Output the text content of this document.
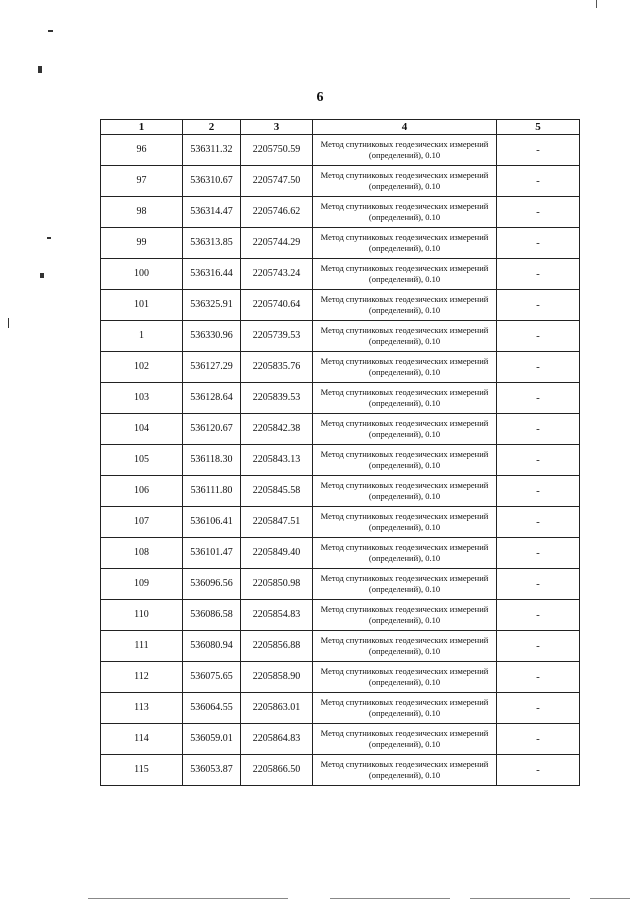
6
1	2	3	4	5
96	536311.32	2205750.59	Метод спутниковых геодезических измерений (определений), 0.10	-
97	536310.67	2205747.50	Метод спутниковых геодезических измерений (определений), 0.10	-
98	536314.47	2205746.62	Метод спутниковых геодезических измерений (определений), 0.10	-
99	536313.85	2205744.29	Метод спутниковых геодезических измерений (определений), 0.10	-
100	536316.44	2205743.24	Метод спутниковых геодезических измерений (определений), 0.10	-
101	536325.91	2205740.64	Метод спутниковых геодезических измерений (определений), 0.10	-
1	536330.96	2205739.53	Метод спутниковых геодезических измерений (определений), 0.10	-
102	536127.29	2205835.76	Метод спутниковых геодезических измерений (определений), 0.10	-
103	536128.64	2205839.53	Метод спутниковых геодезических измерений (определений), 0.10	-
104	536120.67	2205842.38	Метод спутниковых геодезических измерений (определений), 0.10	-
105	536118.30	2205843.13	Метод спутниковых геодезических измерений (определений), 0.10	-
106	536111.80	2205845.58	Метод спутниковых геодезических измерений (определений), 0.10	-
107	536106.41	2205847.51	Метод спутниковых геодезических измерений (определений), 0.10	-
108	536101.47	2205849.40	Метод спутниковых геодезических измерений (определений), 0.10	-
109	536096.56	2205850.98	Метод спутниковых геодезических измерений (определений), 0.10	-
110	536086.58	2205854.83	Метод спутниковых геодезических измерений (определений), 0.10	-
111	536080.94	2205856.88	Метод спутниковых геодезических измерений (определений), 0.10	-
112	536075.65	2205858.90	Метод спутниковых геодезических измерений (определений), 0.10	-
113	536064.55	2205863.01	Метод спутниковых геодезических измерений (определений), 0.10	-
114	536059.01	2205864.83	Метод спутниковых геодезических измерений (определений), 0.10	-
115	536053.87	2205866.50	Метод спутниковых геодезических измерений (определений), 0.10	-
